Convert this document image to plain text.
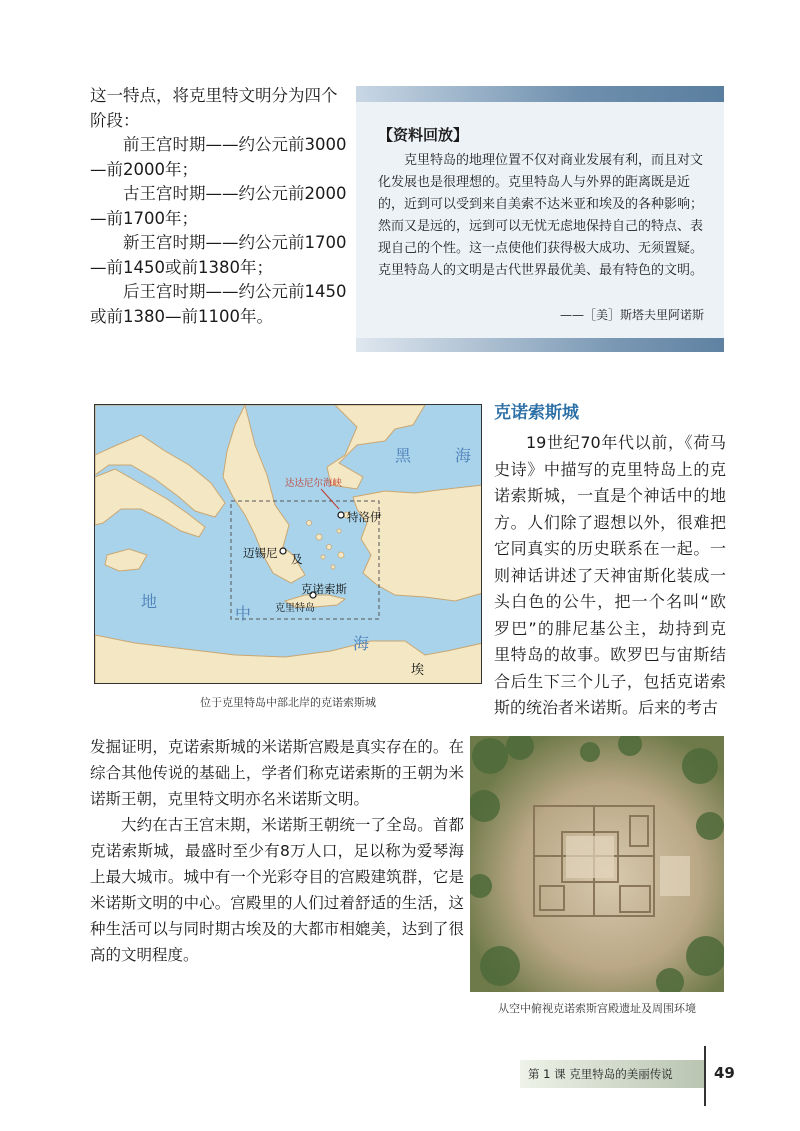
这一特点，将克里特文明分为四个阶段：

前王宫时期——约公元前3000—前2000年；

古王宫时期——约公元前2000—前1700年；

新王宫时期——约公元前1700—前1450或前1380年；

后王宫时期——约公元前1450或前1380—前1100年。

【资料回放】

克里特岛的地理位置不仅对商业发展有利，而且对文化发展也是很理想的。克里特岛人与外界的距离既是近的，近到可以受到来自美索不达米亚和埃及的各种影响；然而又是远的，远到可以无忧无虑地保持自己的特点、表现自己的个性。这一点使他们获得极大成功、无须置疑。克里特岛人的文明是古代世界最优美、最有特色的文明。

——［美］斯塔夫里阿诺斯
黑	海
达达尼尔海峡
特洛伊
迈锡尼 及
克诺索斯
克里特岛
地
中
海
埃
位于克里特岛中部北岸的克诺索斯城
克诺索斯城

19世纪70年代以前，《荷马史诗》中描写的克里特岛上的克诺索斯城，一直是个神话中的地方。人们除了遐想以外，很难把它同真实的历史联系在一起。一则神话讲述了天神宙斯化装成一头白色的公牛，把一个名叫“欧罗巴”的腓尼基公主，劫持到克里特岛的故事。欧罗巴与宙斯结合后生下三个儿子，包括克诺索斯的统治者米诺斯。后来的考古

发掘证明，克诺索斯城的米诺斯宫殿是真实存在的。在综合其他传说的基础上，学者们称克诺索斯的王朝为米诺斯王朝，克里特文明亦名米诺斯文明。

大约在古王宫末期，米诺斯王朝统一了全岛。首都克诺索斯城，最盛时至少有8万人口，足以称为爱琴海上最大城市。城中有一个光彩夺目的宫殿建筑群，它是米诺斯文明的中心。宫殿里的人们过着舒适的生活，这种生活可以与同时期古埃及的大都市相媲美，达到了很高的文明程度。

从空中俯视克诺索斯宫殿遗址及周围环境
第 1 课 克里特岛的美丽传说	49
